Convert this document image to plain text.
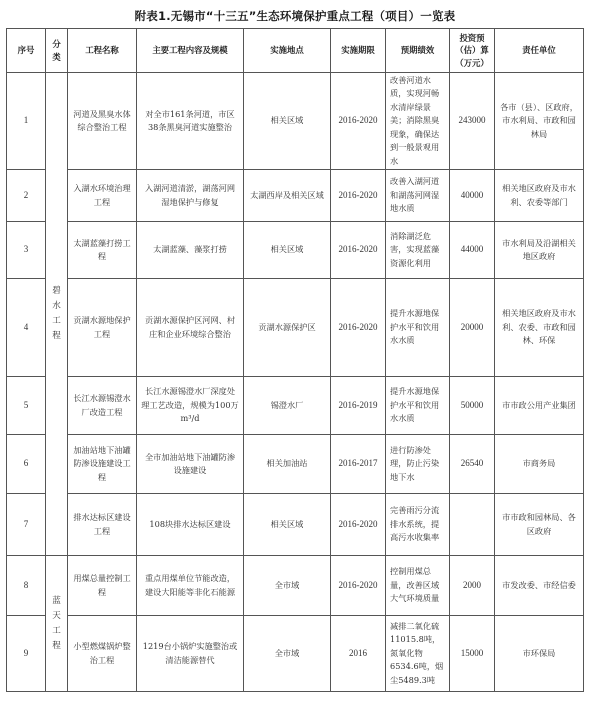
附表1.无锡市“十三五”生态环境保护重点工程（项目）一览表
序号	分类	工程名称	主要工程内容及规模	实施地点	实施期限	预期绩效	投资预（估）算（万元）	责任单位
1	碧水工程	河道及黑臭水体综合整治工程	对全市161条河道，市区38条黑臭河道实施整治	相关区域	2016-2020	改善河道水质，实现河畅水清岸绿景美；消除黑臭现象，确保达到一般景观用水	243000	各市（县）、区政府，市水利局、市政和园林局
2		入湖水环境治理工程	入湖河道清淤，湖荡河网湿地保护与修复	太湖西岸及相关区域	2016-2020	改善入湖河道和湖荡河网湿地水质	40000	相关地区政府及市水利、农委等部门
3		太湖蓝藻打捞工程	太湖蓝藻、藻浆打捞	相关区域	2016-2020	消除湖泛危害，实现蓝藻资源化利用	44000	市水利局及沿湖相关地区政府
4		贡湖水源地保护工程	贡湖水源保护区河网、村庄和企业环境综合整治	贡湖水源保护区	2016-2020	提升水源地保护水平和饮用水水质	20000	相关地区政府及市水利、农委、市政和园林、环保
5		长江水源锡澄水厂改造工程	长江水源锡澄水厂深度处理工艺改造，规模为100万m³/d	锡澄水厂	2016-2019	提升水源地保护水平和饮用水水质	50000	市市政公用产业集团
6		加油站地下油罐防渗设施建设工程	全市加油站地下油罐防渗设施建设	相关加油站	2016-2017	进行防渗处理，防止污染地下水	26540	市商务局
7		排水达标区建设工程	108块排水达标区建设	相关区域	2016-2020	完善雨污分流排水系统，提高污水收集率		市市政和园林局、各区政府
8	蓝天工程	用煤总量控制工程	重点用煤单位节能改造，建设大阳能等非化石能源	全市域	2016-2020	控制用煤总量，改善区域大气环境质量	2000	市发改委、市经信委
9		小型燃煤锅炉整治工程	1219台小锅炉实施整治或清洁能源替代	全市域	2016	减排二氧化硫11015.8吨，氮氧化物6534.6吨，烟尘5489.3吨	15000	市环保局
